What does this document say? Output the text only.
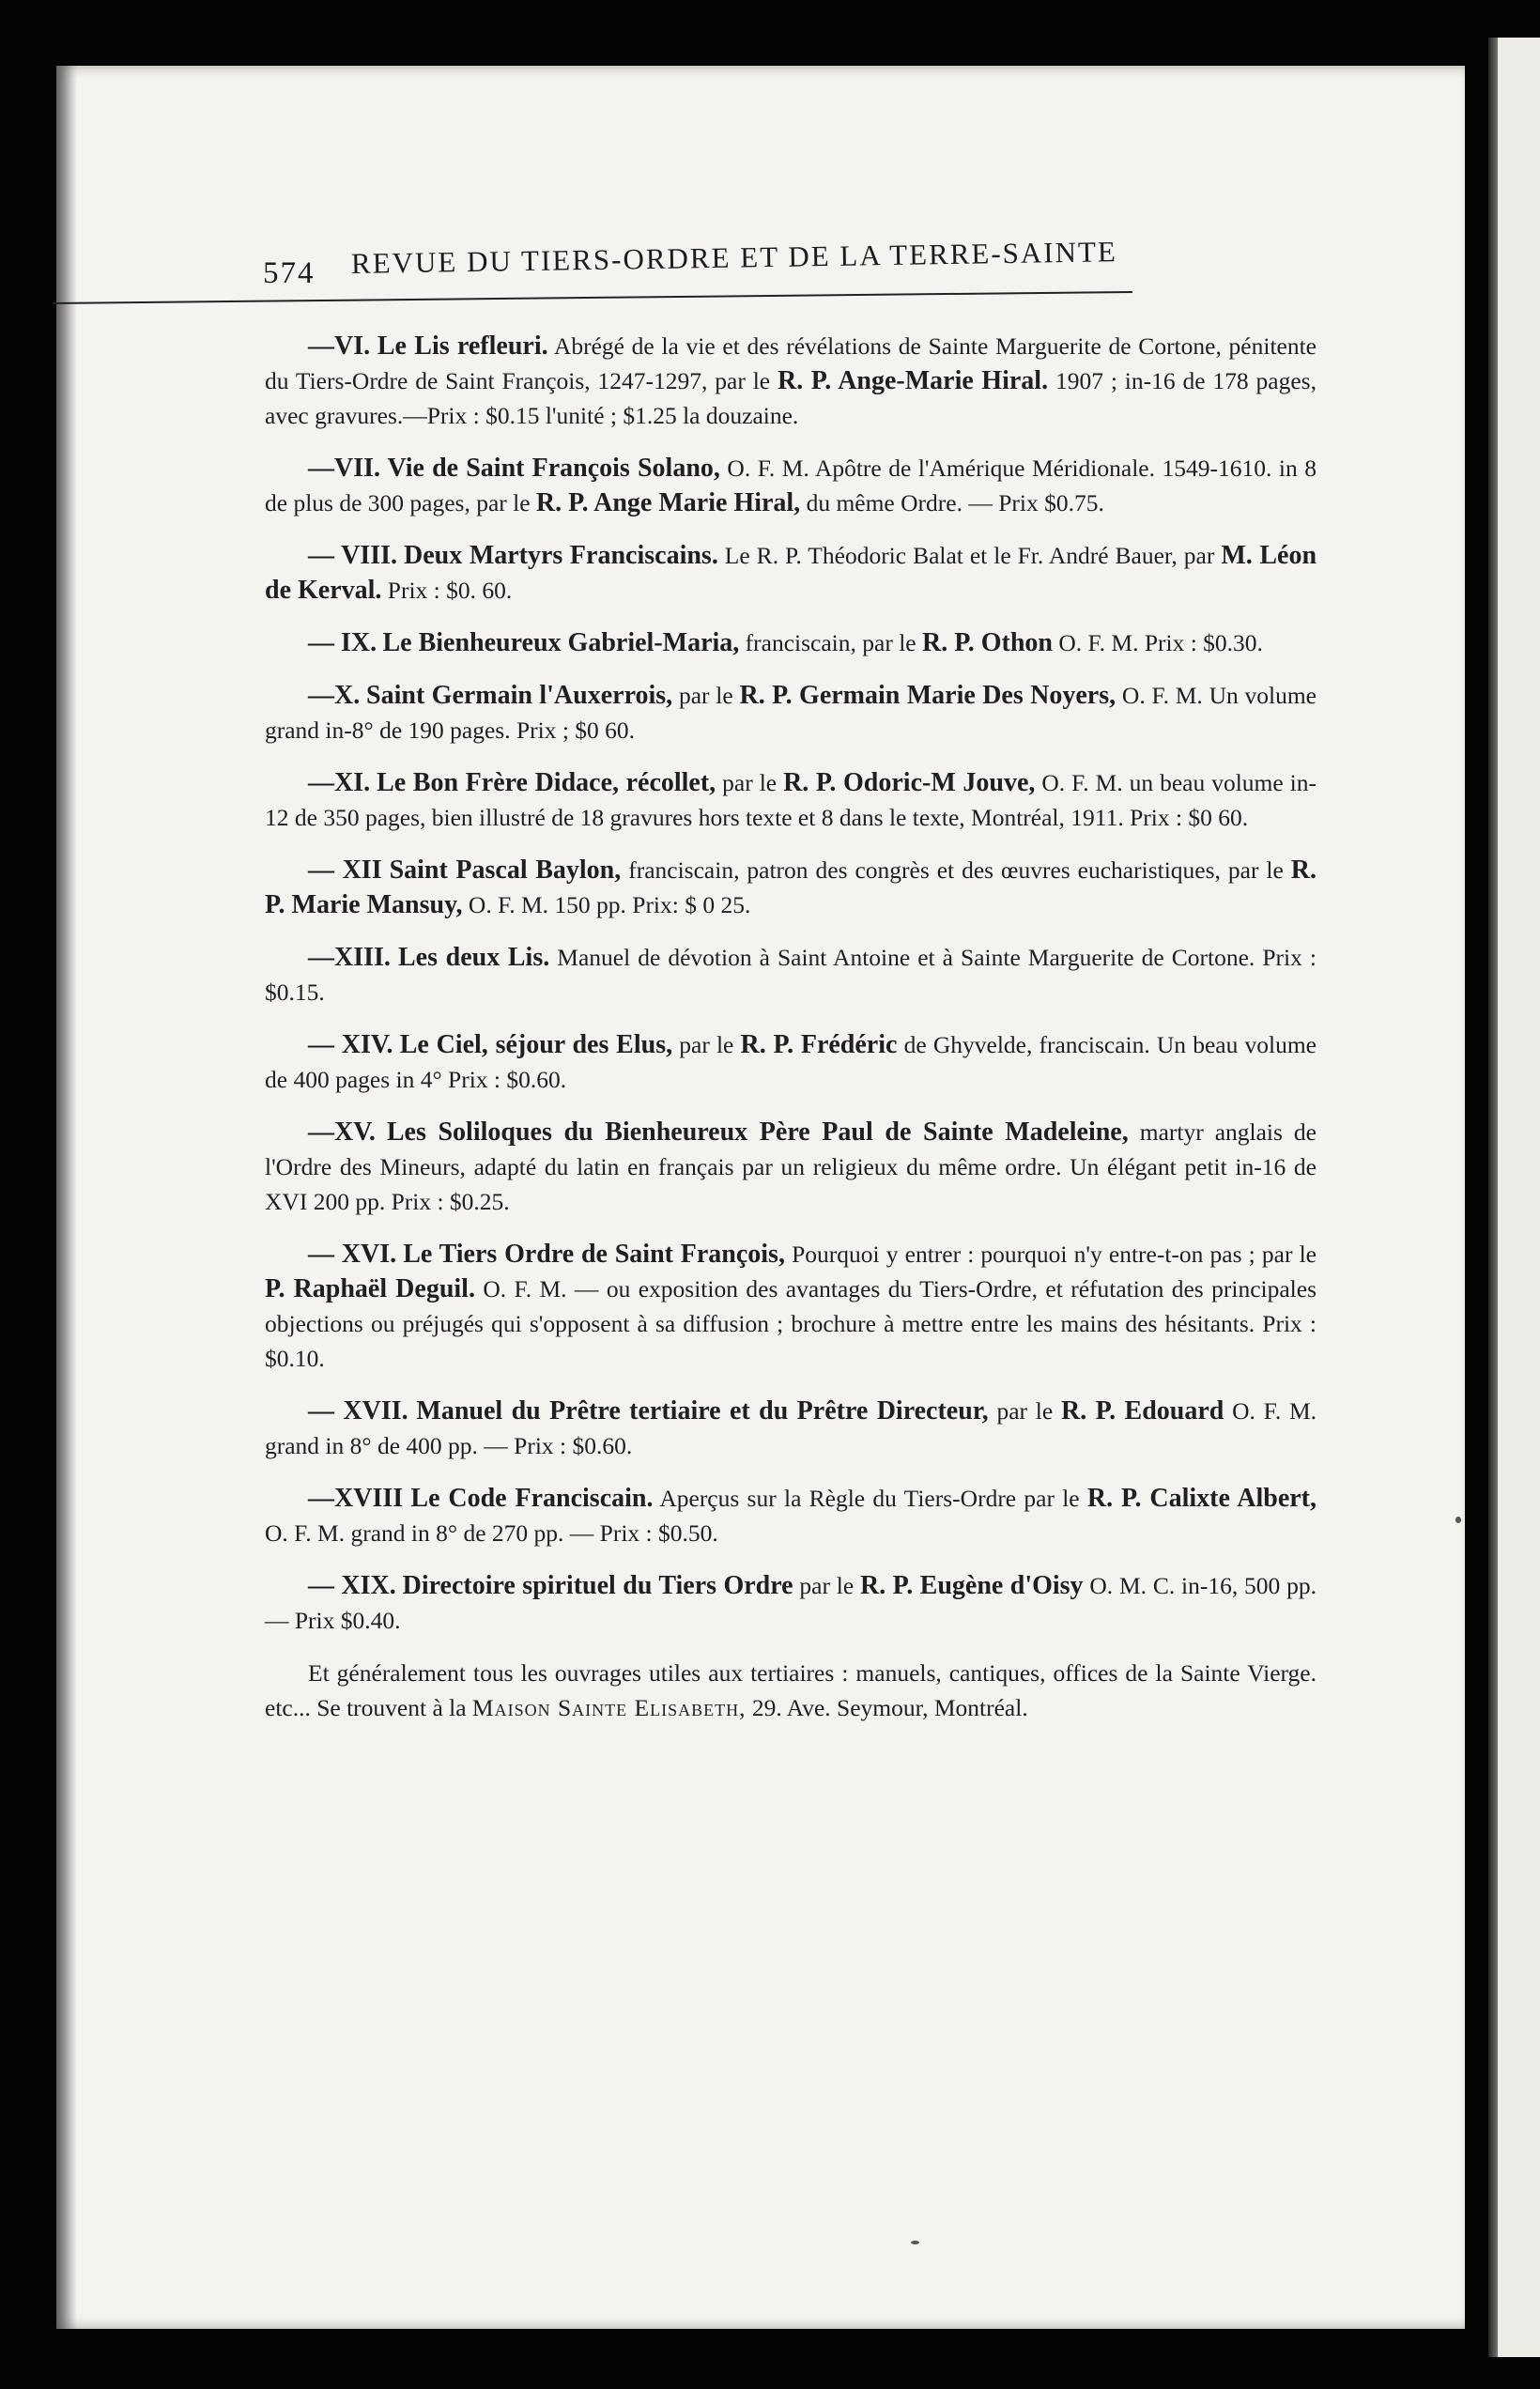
574 REVUE DU TIERS-ORDRE ET DE LA TERRE-SAINTE

—VI. Le Lis refleuri. Abrégé de la vie et des révélations de Sainte Marguerite de Cortone, pénitente du Tiers-Ordre de Saint François, 1247-1297, par le R. P. Ange-Marie Hiral. 1907 ; in-16 de 178 pages, avec gravures.—Prix : $0.15 l'unité ; $1.25 la douzaine.

—VII. Vie de Saint François Solano, O. F. M. Apôtre de l'Amérique Méridionale. 1549-1610. in 8 de plus de 300 pages, par le R. P. Ange Marie Hiral, du même Ordre. — Prix $0.75.

— VIII. Deux Martyrs Franciscains. Le R. P. Théodoric Balat et le Fr. André Bauer, par M. Léon de Kerval. Prix : $0. 60.

— IX. Le Bienheureux Gabriel-Maria, franciscain, par le R. P. Othon O. F. M. Prix : $0.30.

—X. Saint Germain l'Auxerrois, par le R. P. Germain Marie Des Noyers, O. F. M. Un volume grand in-8° de 190 pages. Prix ; $0 60.

—XI. Le Bon Frère Didace, récollet, par le R. P. Odoric-M Jouve, O. F. M. un beau volume in-12 de 350 pages, bien illustré de 18 gravures hors texte et 8 dans le texte, Montréal, 1911. Prix : $0 60.

— XII Saint Pascal Baylon, franciscain, patron des congrès et des œuvres eucharistiques, par le R. P. Marie Mansuy, O. F. M. 150 pp. Prix: $ 0 25.

—XIII. Les deux Lis. Manuel de dévotion à Saint Antoine et à Sainte Marguerite de Cortone. Prix : $0.15.

— XIV. Le Ciel, séjour des Elus, par le R. P. Frédéric de Ghyvelde, franciscain. Un beau volume de 400 pages in 4° Prix : $0.60.

—XV. Les Soliloques du Bienheureux Père Paul de Sainte Madeleine, martyr anglais de l'Ordre des Mineurs, adapté du latin en français par un religieux du même ordre. Un élégant petit in-16 de XVI 200 pp. Prix : $0.25.

— XVI. Le Tiers Ordre de Saint François, Pourquoi y entrer : pourquoi n'y entre-t-on pas ; par le P. Raphaël Deguil. O. F. M. — ou exposition des avantages du Tiers-Ordre, et réfutation des principales objections ou préjugés qui s'opposent à sa diffusion ; brochure à mettre entre les mains des hésitants. Prix : $0.10.

— XVII. Manuel du Prêtre tertiaire et du Prêtre Directeur, par le R. P. Edouard O. F. M. grand in 8° de 400 pp. — Prix : $0.60.

—XVIII Le Code Franciscain. Aperçus sur la Règle du Tiers-Ordre par le R. P. Calixte Albert, O. F. M. grand in 8° de 270 pp. — Prix : $0.50.

— XIX. Directoire spirituel du Tiers Ordre par le R. P. Eugène d'Oisy O. M. C. in-16, 500 pp. — Prix $0.40.

Et généralement tous les ouvrages utiles aux tertiaires : manuels, cantiques, offices de la Sainte Vierge. etc... Se trouvent à la Maison Sainte Elisabeth, 29. Ave. Seymour, Montréal.
